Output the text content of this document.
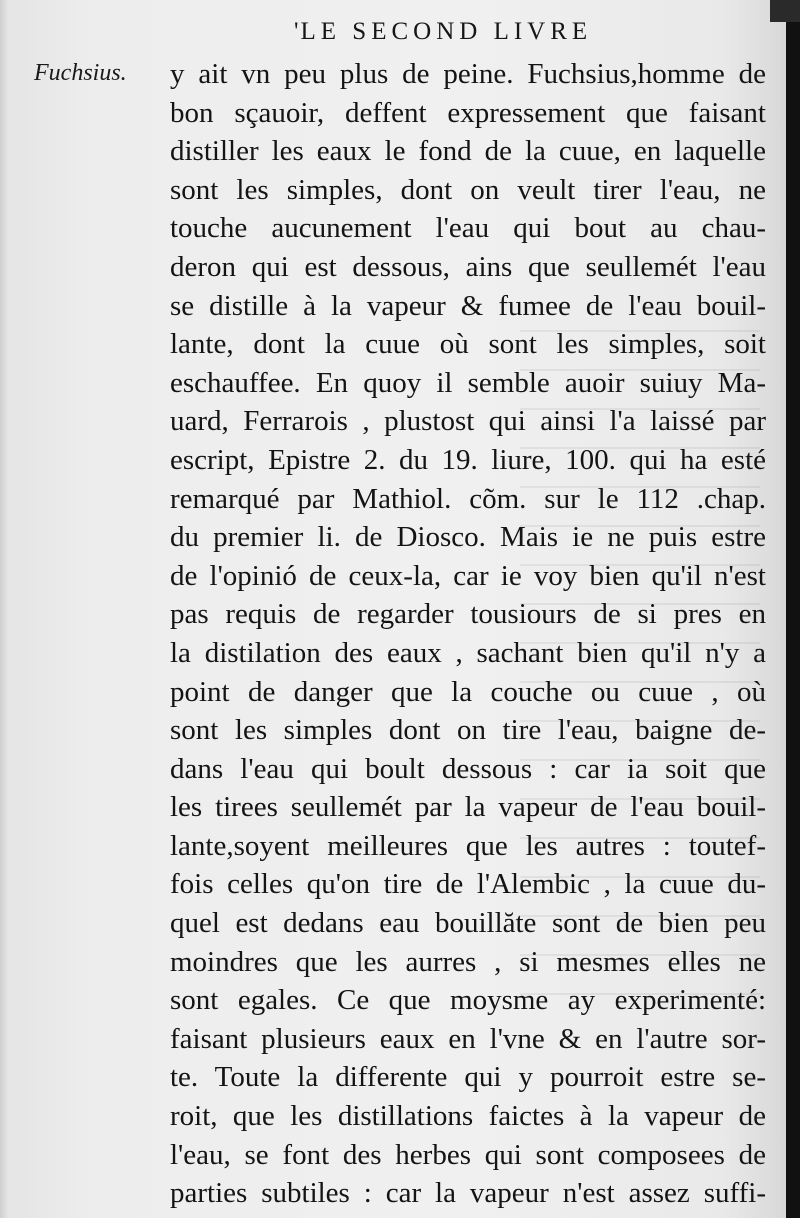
'LE SECOND LIVRE
Fuchsius. y ait vn peu plus de peine. Fuchsius,homme de
bon sçauoir, deffent expressement que faisant
distiller les eaux le fond de la cuue, en laquelle
sont les simples, dont on veult tirer l'eau, ne
touche aucunement l'eau qui bout au chau-
deron qui est dessous, ains que seullemét l'eau
se distille à la vapeur & fumee de l'eau bouil-
lante, dont la cuue où sont les simples, soit
eschauffee. En quoy il semble auoir suiuy Ma-
uard, Ferrarois , plustost qui ainsi l'a laissé par
escript, Epistre 2. du 19. liure, 100. qui ha esté
remarqué par Mathiol. cõm. sur le 112 .chap.
du premier li. de Diosco. Mais ie ne puis estre
de l'opinió de ceux-la, car ie voy bien qu'il n'est
pas requis de regarder tousiours de si pres en
la distilation des eaux , sachant bien qu'il n'y a
point de danger que la couche ou cuue , où
sont les simples dont on tire l'eau, baigne de-
dans l'eau qui boult dessous : car ia soit que
les tirees seullemét par la vapeur de l'eau bouil-
lante,soyent meilleures que les autres : toutef-
fois celles qu'on tire de l'Alembic , la cuue du-
quel est dedans eau bouillăte sont de bien peu
moindres que les aurres , si mesmes elles ne
sont egales. Ce que moysme ay experimenté:
faisant plusieurs eaux en l'vne & en l'autre sor-
te. Toute la differente qui y pourroit estre se-
roit, que les distillations faictes à la vapeur de
l'eau, se font des herbes qui sont composees de
parties subtiles : car la vapeur n'est assez suffi-
